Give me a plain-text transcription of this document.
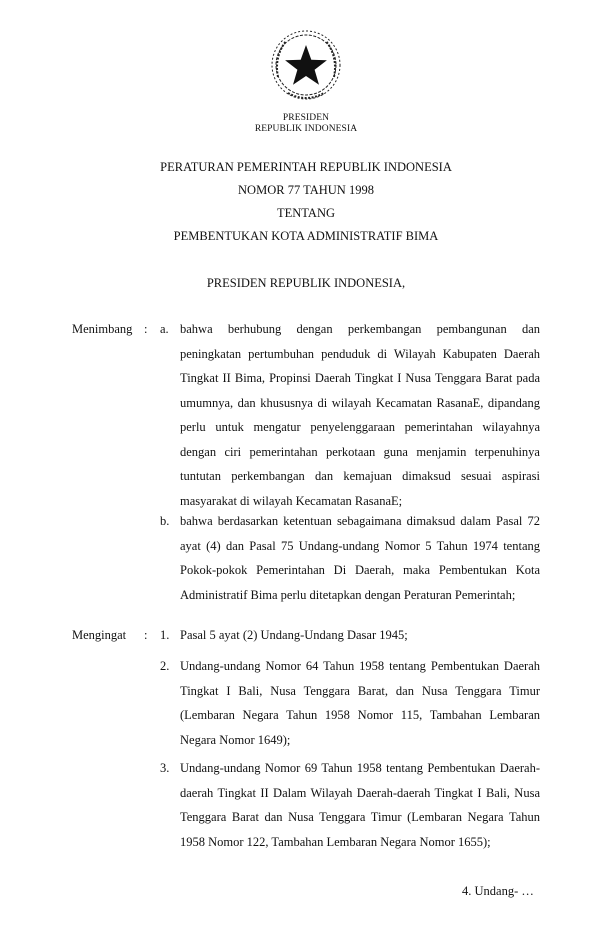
PRESIDEN
REPUBLIK INDONESIA
PERATURAN PEMERINTAH REPUBLIK INDONESIA
NOMOR 77 TAHUN 1998
TENTANG
PEMBENTUKAN KOTA ADMINISTRATIF BIMA
PRESIDEN REPUBLIK INDONESIA,
Menimbang : a. bahwa berhubung dengan perkembangan pembangunan dan peningkatan pertumbuhan penduduk di Wilayah Kabupaten Daerah Tingkat II Bima, Propinsi Daerah Tingkat I Nusa Tenggara Barat pada umumnya, dan khususnya di wilayah Kecamatan RasanaE, dipandang perlu untuk mengatur penyelenggaraan pemerintahan wilayahnya dengan ciri pemerintahan perkotaan guna menjamin terpenuhinya tuntutan perkembangan dan kemajuan dimaksud sesuai aspirasi masyarakat di wilayah Kecamatan RasanaE;
b. bahwa berdasarkan ketentuan sebagaimana dimaksud dalam Pasal 72 ayat (4) dan Pasal 75 Undang-undang Nomor 5 Tahun 1974 tentang Pokok-pokok Pemerintahan Di Daerah, maka Pembentukan Kota Administratif Bima perlu ditetapkan dengan Peraturan Pemerintah;
Mengingat : 1. Pasal 5 ayat (2) Undang-Undang Dasar 1945;
2. Undang-undang Nomor 64 Tahun 1958 tentang Pembentukan Daerah Tingkat I Bali, Nusa Tenggara Barat, dan Nusa Tenggara Timur (Lembaran Negara Tahun 1958 Nomor 115, Tambahan Lembaran Negara Nomor 1649);
3. Undang-undang Nomor 69 Tahun 1958 tentang Pembentukan Daerah-daerah Tingkat II Dalam Wilayah Daerah-daerah Tingkat I Bali, Nusa Tenggara Barat dan Nusa Tenggara Timur (Lembaran Negara Tahun 1958 Nomor 122, Tambahan Lembaran Negara Nomor 1655);
4. Undang- …
